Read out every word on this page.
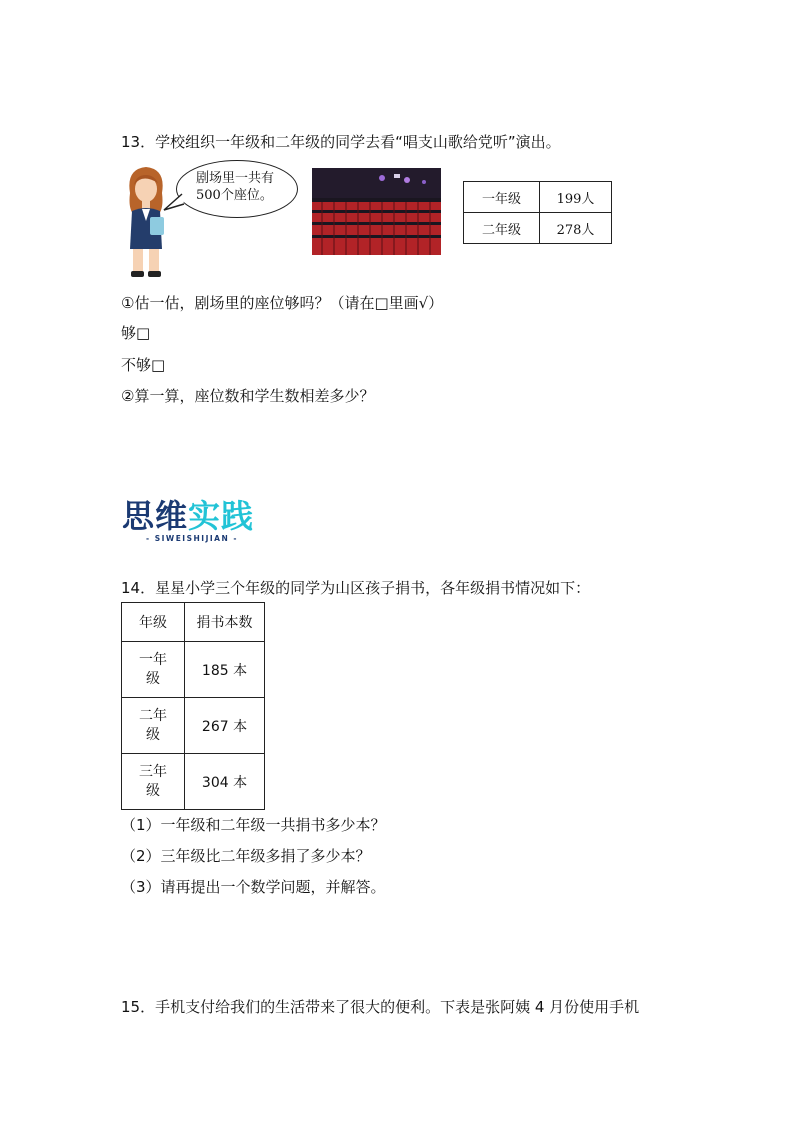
13．学校组织一年级和二年级的同学去看“唱支山歌给党听”演出。
剧场里一共有
500个座位。	一年级	199人
二年级	278人
①估一估，剧场里的座位够吗？（请在□里画√）
够□
不够□
②算一算，座位数和学生数相差多少？
思维实践
- SIWEISHIJIAN -
14．星星小学三个年级的同学为山区孩子捐书，各年级捐书情况如下：
年级	捐书本数

一年
级	185 本

二年
级	267 本

三年
级	304 本
（1）一年级和二年级一共捐书多少本？
（2）三年级比二年级多捐了多少本？
（3）请再提出一个数学问题，并解答。
15．手机支付给我们的生活带来了很大的便利。下表是张阿姨 4 月份使用手机
